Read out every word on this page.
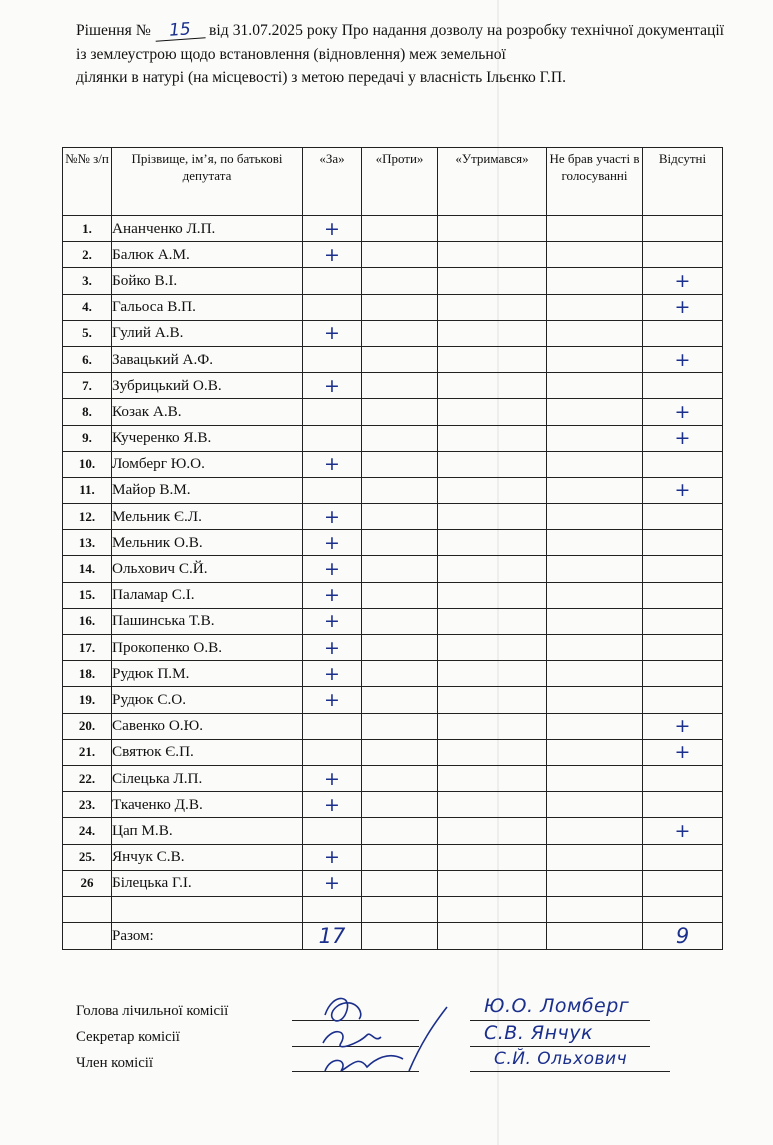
Рішення № 15 від 31.07.2025 року Про надання дозволу на розробку технічної документації із землеустрою щодо встановлення (відновлення) меж земельної
ділянки в натурі (на місцевості) з метою передачі у власність Ільєнко Г.П.
№№ з/п	Прізвище, ім’я, по батькові депутата	«За»	«Проти»	«Утримався»	Не брав участі в голосуванні	Відсутні
1.	Ананченко Л.П.	+				
2.	Балюк А.М.	+				
3.	Бойко В.І.					+
4.	Гальоса В.П.					+
5.	Гулий А.В.	+				
6.	Завацький А.Ф.					+
7.	Зубрицький О.В.	+				
8.	Козак А.В.					+
9.	Кучеренко Я.В.					+
10.	Ломберг Ю.О.	+				
11.	Майор В.М.					+
12.	Мельник Є.Л.	+				
13.	Мельник О.В.	+				
14.	Ольхович С.Й.	+				
15.	Паламар С.І.	+				
16.	Пашинська Т.В.	+				
17.	Прокопенко О.В.	+				
18.	Рудюк П.М.	+				
19.	Рудюк С.О.	+				
20.	Савенко О.Ю.					+
21.	Святюк Є.П.					+
22.	Сілецька Л.П.	+				
23.	Ткаченко Д.В.	+				
24.	Цап М.В.					+
25.	Янчук С.В.	+				
26	Білецька Г.І.	+				

	Разом:	17				9
Голова лічильної комісії
Секретар комісії
Член комісії
Ю.О. Ломберг
С.В. Янчук
С.Й. Ольхович
